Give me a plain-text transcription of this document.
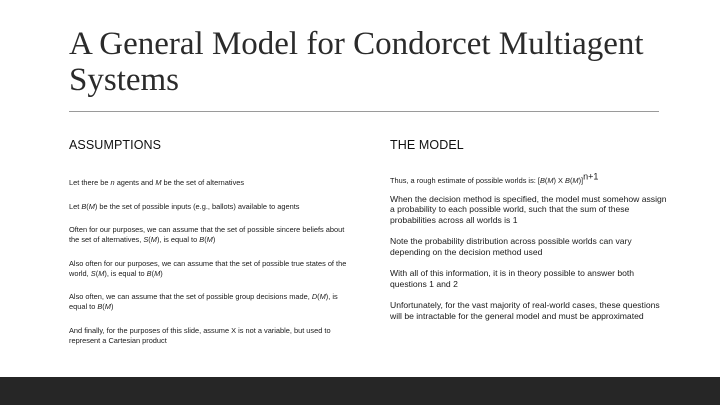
A General Model for Condorcet Multiagent Systems
ASSUMPTIONS	THE MODEL

Let there be n agents and M be the set of alternatives

Let B(M) be the set of possible inputs (e.g., ballots) available to agents

Often for our purposes, we can assume that the set of possible sincere beliefs about the set of alternatives, S(M), is equal to B(M)

Also often for our purposes, we can assume that the set of possible true states of the world, S(M), is equal to B(M)

Also often, we can assume that the set of possible group decisions made, D(M), is equal to B(M)

And finally, for the purposes of this slide, assume X is not a variable, but used to represent a Cartesian product

Thus, a rough estimate of possible worlds is: [B(M) X B(M)]$^{n+1}$

When the decision method is specified, the model must somehow assign a probability to each possible world, such that the sum of these probabilities across all worlds is 1

Note the probability distribution across possible worlds can vary depending on the decision method used

With all of this information, it is in theory possible to answer both questions 1 and 2

Unfortunately, for the vast majority of real-world cases, these questions will be intractable for the general model and must be approximated
